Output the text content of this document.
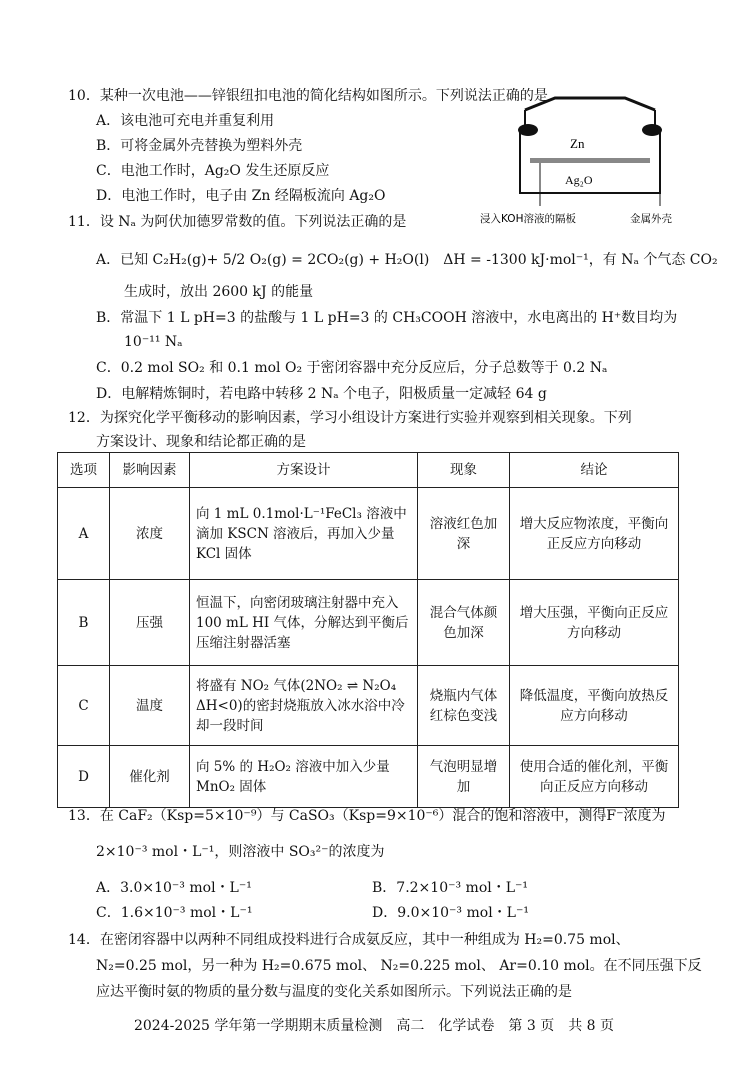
10．某种一次电池——锌银纽扣电池的简化结构如图所示。下列说法正确的是
A．该电池可充电并重复利用
B．可将金属外壳替换为塑料外壳
C．电池工作时，Ag₂O 发生还原反应
D．电池工作时，电子由 Zn 经隔板流向 Ag₂O
Zn
Ag₂O
浸入KOH溶液的隔板	金属外壳
11．设 Nₐ 为阿伏加德罗常数的值。下列说法正确的是
A．已知 C₂H₂(g)+ 5/2 O₂(g) = 2CO₂(g) + H₂O(l)　ΔH = -1300 kJ·mol⁻¹，有 Nₐ 个气态 CO₂
生成时，放出 2600 kJ 的能量
B．常温下 1 L pH=3 的盐酸与 1 L pH=3 的 CH₃COOH 溶液中，水电离出的 H⁺数目均为
10⁻¹¹ Nₐ
C．0.2 mol SO₂ 和 0.1 mol O₂ 于密闭容器中充分反应后，分子总数等于 0.2 Nₐ
D．电解精炼铜时，若电路中转移 2 Nₐ 个电子，阳极质量一定减轻 64 g
12．为探究化学平衡移动的影响因素，学习小组设计方案进行实验并观察到相关现象。下列
方案设计、现象和结论都正确的是
选项	影响因素	方案设计	现象	结论
A	浓度	向 1 mL 0.1mol·L⁻¹FeCl₃ 溶液中滴加 KSCN 溶液后，再加入少量 KCl 固体	溶液红色加深	增大反应物浓度，平衡向正反应方向移动
B	压强	恒温下，向密闭玻璃注射器中充入 100 mL HI 气体，分解达到平衡后压缩注射器活塞	混合气体颜色加深	增大压强，平衡向正反应方向移动
C	温度	将盛有 NO₂ 气体(2NO₂ ⇌ N₂O₄ ΔH<0)的密封烧瓶放入冰水浴中冷却一段时间	烧瓶内气体红棕色变浅	降低温度，平衡向放热反应方向移动
D	催化剂	向 5% 的 H₂O₂ 溶液中加入少量 MnO₂ 固体	气泡明显增加	使用合适的催化剂，平衡向正反应方向移动
13．在 CaF₂（Ksp=5×10⁻⁹）与 CaSO₃（Ksp=9×10⁻⁶）混合的饱和溶液中，测得F⁻浓度为
2×10⁻³ mol・L⁻¹，则溶液中 SO₃²⁻的浓度为
A．3.0×10⁻³ mol・L⁻¹	B．7.2×10⁻³ mol・L⁻¹
C．1.6×10⁻³ mol・L⁻¹	D．9.0×10⁻³ mol・L⁻¹
14．在密闭容器中以两种不同组成投料进行合成氨反应，其中一种组成为 H₂=0.75 mol、
N₂=0.25 mol，另一种为 H₂=0.675 mol、 N₂=0.225 mol、 Ar=0.10 mol。在不同压强下反
应达平衡时氨的物质的量分数与温度的变化关系如图所示。下列说法正确的是
2024-2025 学年第一学期期末质量检测　高二　化学试卷　第 3 页　共 8 页
